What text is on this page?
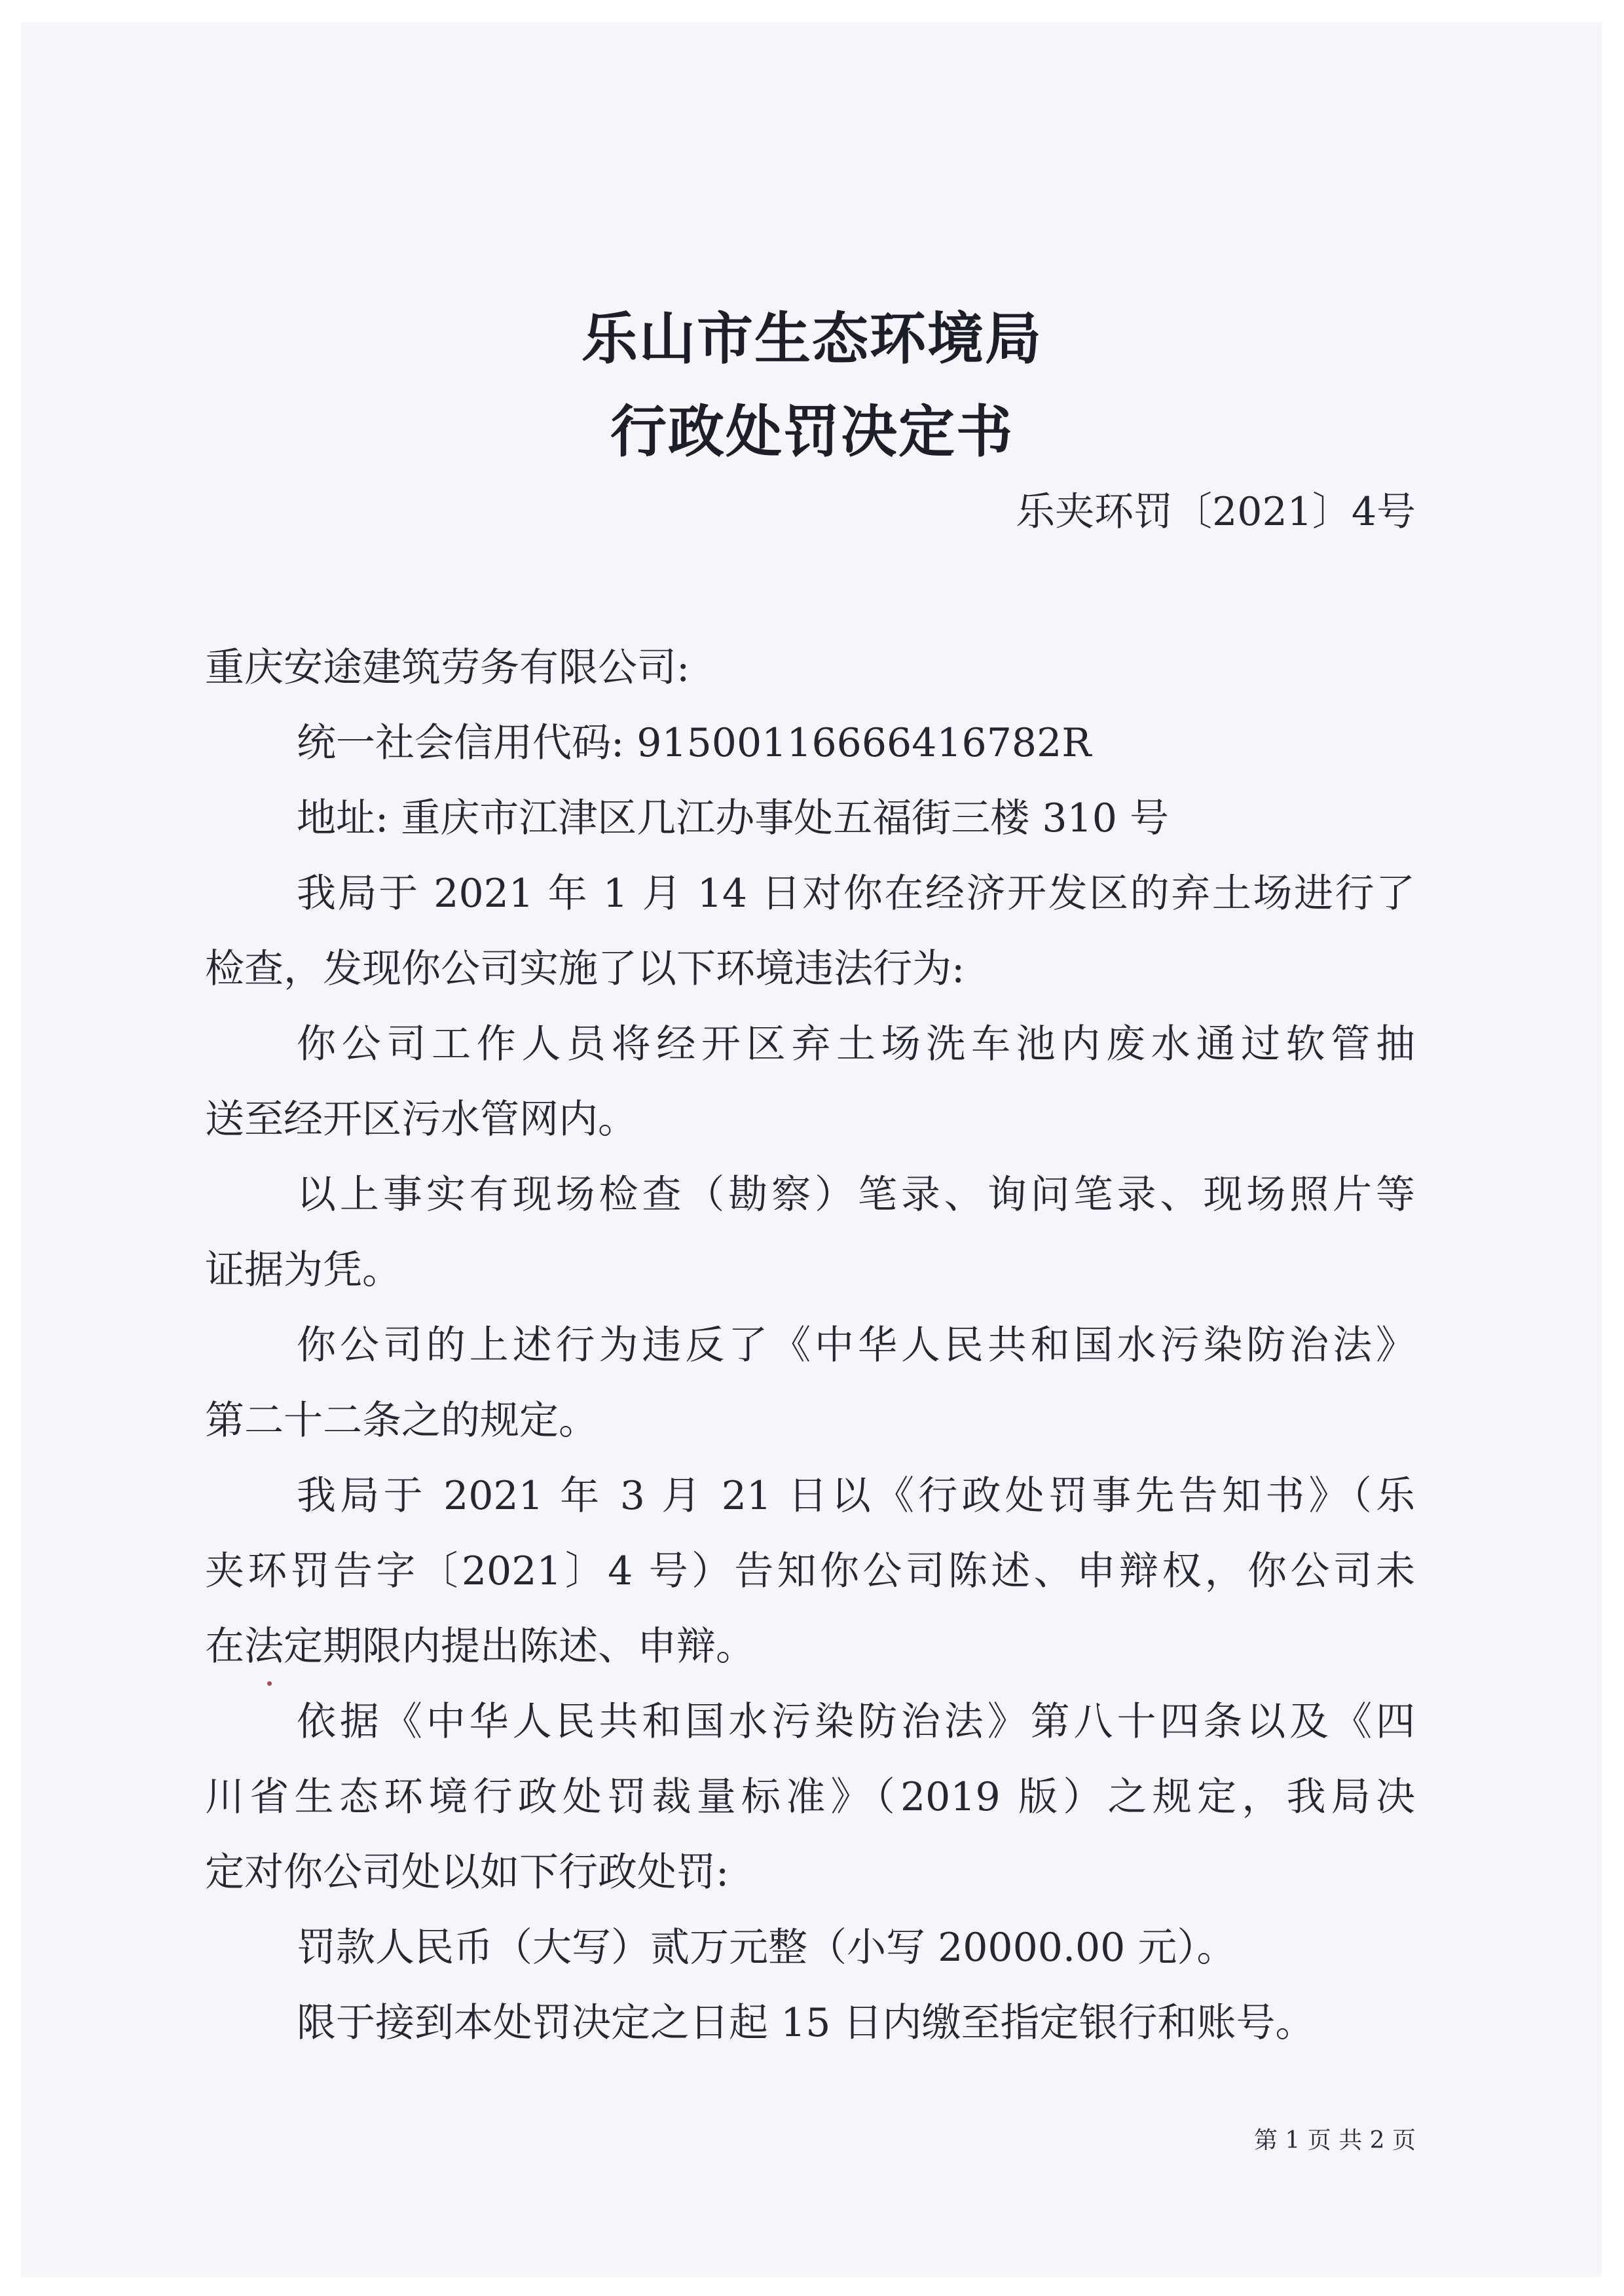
乐山市生态环境局
行政处罚决定书
乐夹环罚〔2021〕4号
重庆安途建筑劳务有限公司:
统一社会信用代码: 91500116666416782R
地址: 重庆市江津区几江办事处五福街三楼 310 号
我局于 2021 年 1 月 14 日对你在经济开发区的弃土场进行了
检查，发现你公司实施了以下环境违法行为:
你公司工作人员将经开区弃土场洗车池内废水通过软管抽
送至经开区污水管网内。
以上事实有现场检查（勘察）笔录、询问笔录、现场照片等
证据为凭。
你公司的上述行为违反了《中华人民共和国水污染防治法》
第二十二条之的规定。
我局于 2021 年 3 月 21 日以《行政处罚事先告知书》（乐
夹环罚告字〔2021〕4 号）告知你公司陈述、申辩权，你公司未
在法定期限内提出陈述、申辩。
依据《中华人民共和国水污染防治法》第八十四条以及《四
川省生态环境行政处罚裁量标准》（2019 版）之规定，我局决
定对你公司处以如下行政处罚:
罚款人民币（大写）贰万元整（小写 20000.00 元）。
限于接到本处罚决定之日起 15 日内缴至指定银行和账号。
第 1 页 共 2 页
